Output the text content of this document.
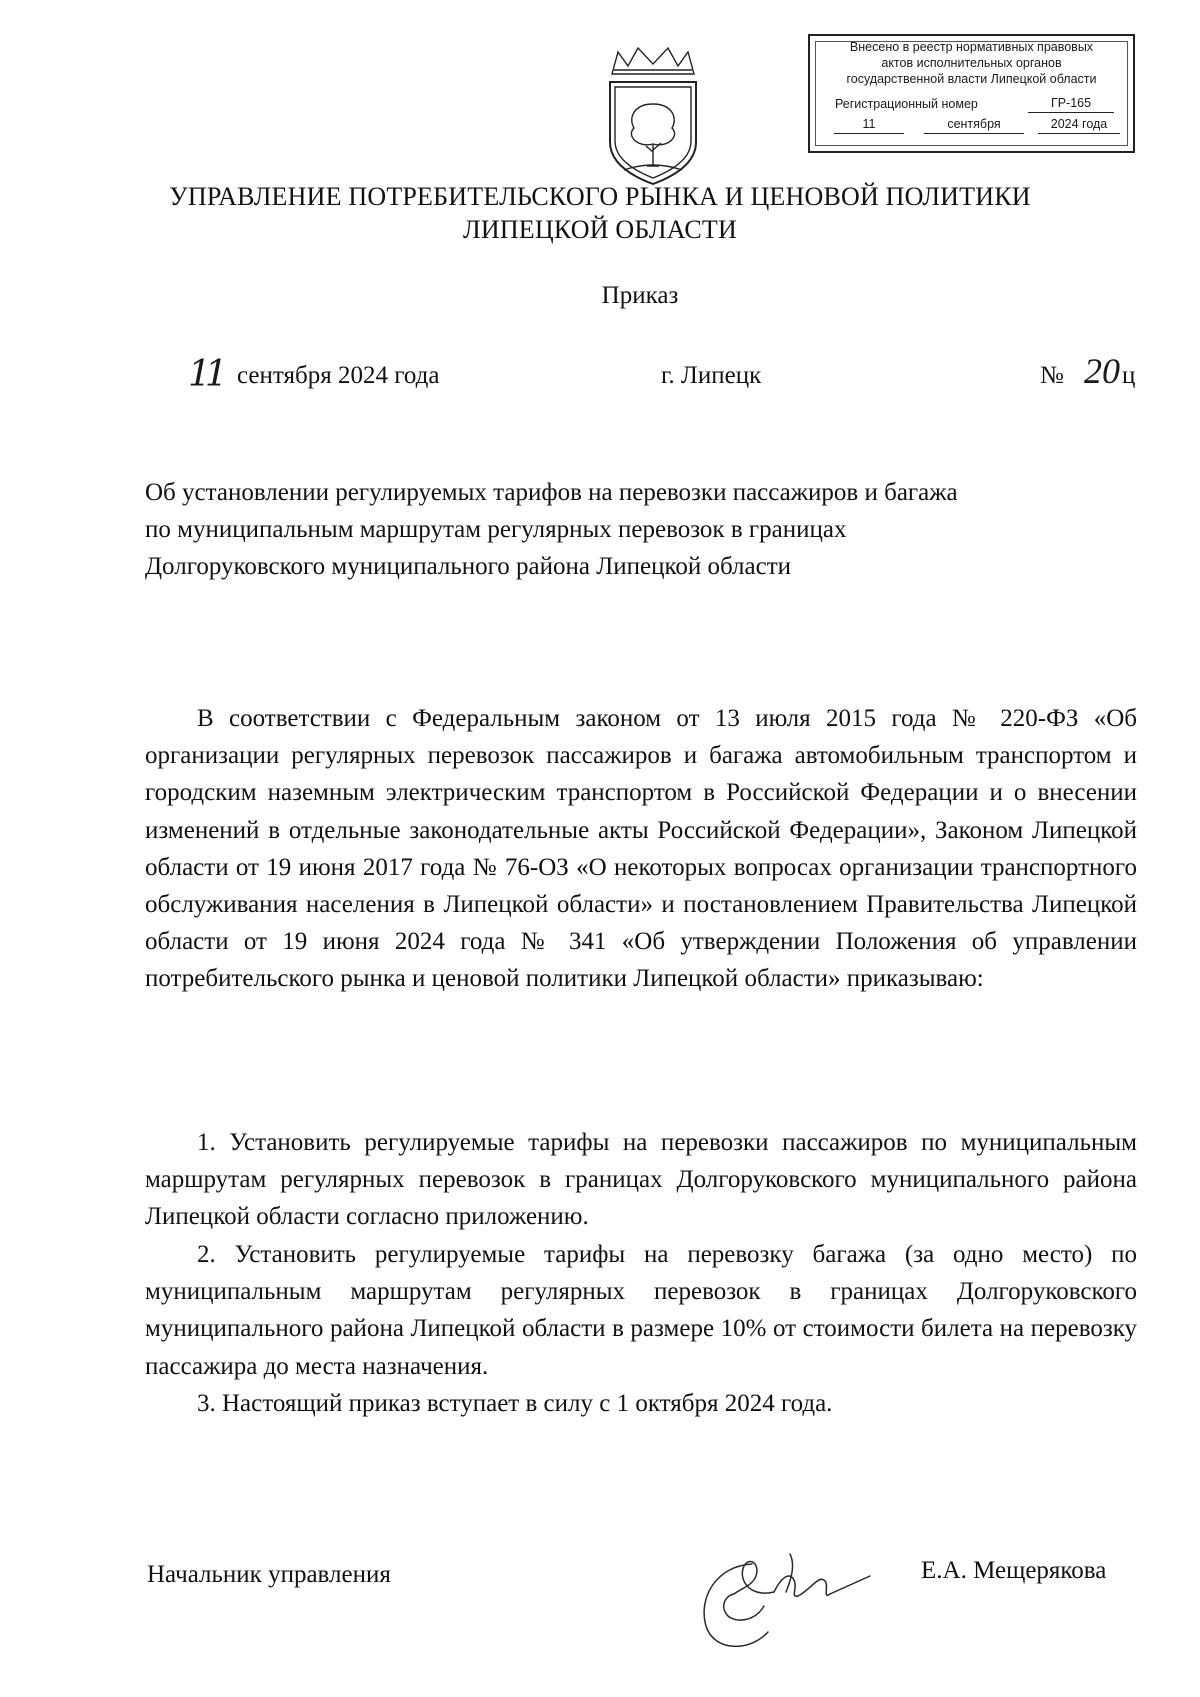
Внесено в реестр нормативных правовых
актов исполнительных органов
государственной власти Липецкой области
Регистрационный номер	ГР-165
11	сентября	2024 года
УПРАВЛЕНИЕ ПОТРЕБИТЕЛЬСКОГО РЫНКА И ЦЕНОВОЙ ПОЛИТИКИ
ЛИПЕЦКОЙ ОБЛАСТИ
Приказ
11 сентября 2024 года	г. Липецк	№ 20 ц
Об установлении регулируемых тарифов на перевозки пассажиров и багажа по муниципальным маршрутам регулярных перевозок в границах Долгоруковского муниципального района Липецкой области

В соответствии с Федеральным законом от 13 июля 2015 года № 220-ФЗ «Об организации регулярных перевозок пассажиров и багажа автомобильным транспортом и городским наземным электрическим транспортом в Российской Федерации и о внесении изменений в отдельные законодательные акты Российской Федерации», Законом Липецкой области от 19 июня 2017 года № 76-ОЗ «О некоторых вопросах организации транспортного обслуживания населения в Липецкой области» и постановлением Правительства Липецкой области от 19 июня 2024 года № 341 «Об утверждении Положения об управлении потребительского рынка и ценовой политики Липецкой области» приказываю:

1. Установить регулируемые тарифы на перевозки пассажиров по муниципальным маршрутам регулярных перевозок в границах Долгоруковского муниципального района Липецкой области согласно приложению.

2. Установить регулируемые тарифы на перевозку багажа (за одно место) по муниципальным маршрутам регулярных перевозок в границах Долгоруковского муниципального района Липецкой области в размере 10% от стоимости билета на перевозку пассажира до места назначения.

3. Настоящий приказ вступает в силу с 1 октября 2024 года.

Начальник управления	Е.А. Мещерякова
